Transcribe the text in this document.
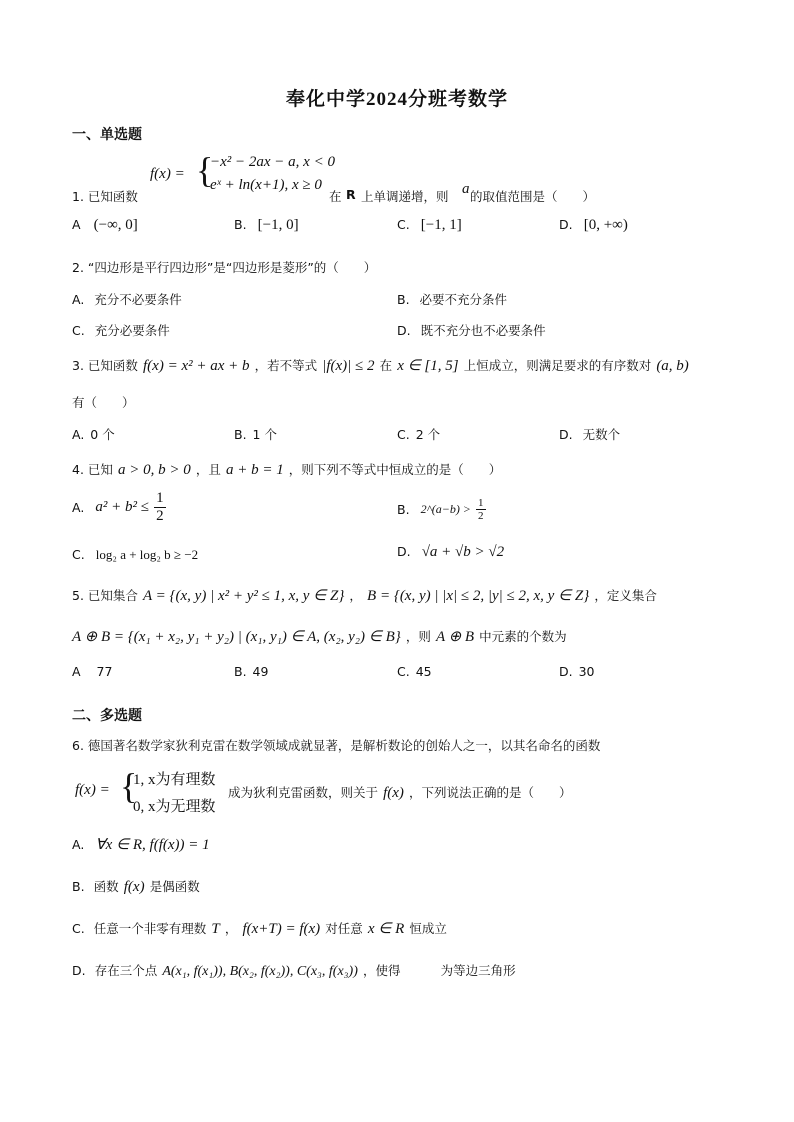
奉化中学2024分班考数学
一、单选题
1. 已知函数
f(x) = {
−x² − 2ax − a, x < 0
eˣ + ln(x+1), x ≥ 0
在 R 上单调递增，则 a 的取值范围是（　　）
A (−∞, 0]	B. [−1, 0]	C. [−1, 1]	D. [0, +∞)
2. “四边形是平行四边形”是“四边形是菱形”的（　　）
A. 充分不必要条件	B. 必要不充分条件
C. 充分必要条件	D. 既不充分也不必要条件
3. 已知函数 f(x) = x² + ax + b ，若不等式 |f(x)| ≤ 2 在 x ∈ [1, 5] 上恒成立，则满足要求的有序数对 (a, b)
有（　　）
A. 0 个	B. 1 个	C. 2 个	D. 无数个
4. 已知 a > 0, b > 0 ，且 a + b = 1 ，则下列不等式中恒成立的是（　　）
A. $a^2 + b^2 \le \frac{1}{2}$	B. 2^(a−b) > $\frac{1}{2}$
C. log₂ a + log₂ b ≥ −2	D. √a + √b > √2
5. 已知集合 A = {(x, y) | x² + y² ≤ 1, x, y ∈ Z} ， B = {(x, y) | |x| ≤ 2, |y| ≤ 2, x, y ∈ Z} ，定义集合
A ⊕ B = {(x₁ + x₂, y₁ + y₂) | (x₁, y₁) ∈ A, (x₂, y₂) ∈ B} ，则 A ⊕ B 中元素的个数为
A 77	B. 49	C. 45	D. 30
二、多选题
6. 德国著名数学家狄利克雷在数学领域成就显著，是解析数论的创始人之一，以其名命名的函数
f(x) = {
1, x为有理数
0, x为无理数
成为狄利克雷函数，则关于 f(x) ，下列说法正确的是（　　）
A. ∀x ∈ R, f(f(x)) = 1
B. 函数 f(x) 是偶函数
C. 任意一个非零有理数 T ， f(x+T) = f(x) 对任意 x ∈ R 恒成立
D. 存在三个点 A(x₁, f(x₁)), B(x₂, f(x₂)), C(x₃, f(x₃)) ，使得	为等边三角形
